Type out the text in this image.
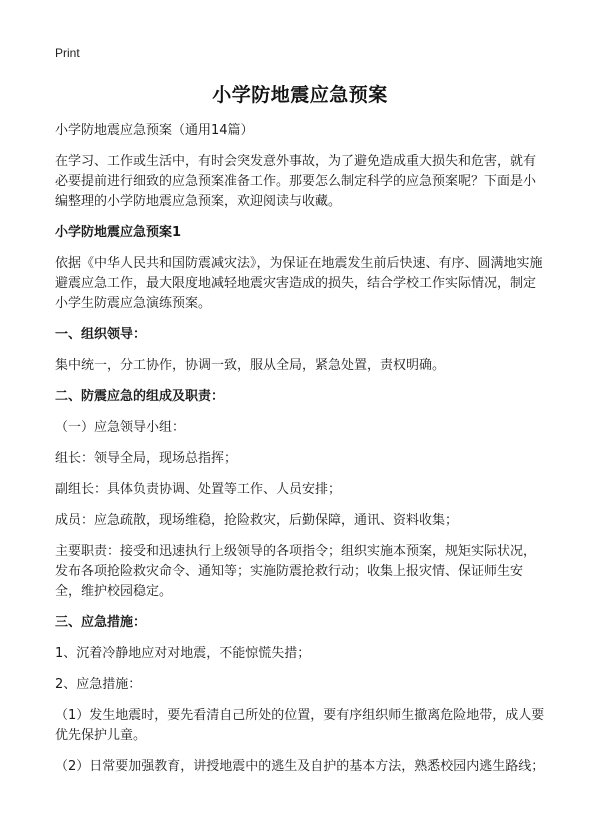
Print
小学防地震应急预案

小学防地震应急预案（通用14篇）

在学习、工作或生活中，有时会突发意外事故，为了避免造成重大损失和危害，就有必要提前进行细致的应急预案准备工作。那要怎么制定科学的应急预案呢？下面是小编整理的小学防地震应急预案，欢迎阅读与收藏。

小学防地震应急预案1

依据《中华人民共和国防震减灾法》，为保证在地震发生前后快速、有序、圆满地实施避震应急工作，最大限度地减轻地震灾害造成的损失，结合学校工作实际情况，制定小学生防震应急演练预案。

一、组织领导：

集中统一，分工协作，协调一致，服从全局，紧急处置，责权明确。

二、防震应急的组成及职责：

（一）应急领导小组：

组长：领导全局，现场总指挥；

副组长：具体负责协调、处置等工作、人员安排；

成员：应急疏散，现场维稳，抢险救灾，后勤保障，通讯、资料收集；

主要职责：接受和迅速执行上级领导的各项指令；组织实施本预案，规矩实际状况，发布各项抢险救灾命令、通知等；实施防震抢救行动；收集上报灾情、保证师生安全，维护校园稳定。

三、应急措施：

1、沉着冷静地应对对地震，不能惊慌失措；

2、应急措施：

（1）发生地震时，要先看清自己所处的位置，要有序组织师生撤离危险地带，成人要优先保护儿童。

（2）日常要加强教育，讲授地震中的逃生及自护的基本方法，熟悉校园内逃生路线；
